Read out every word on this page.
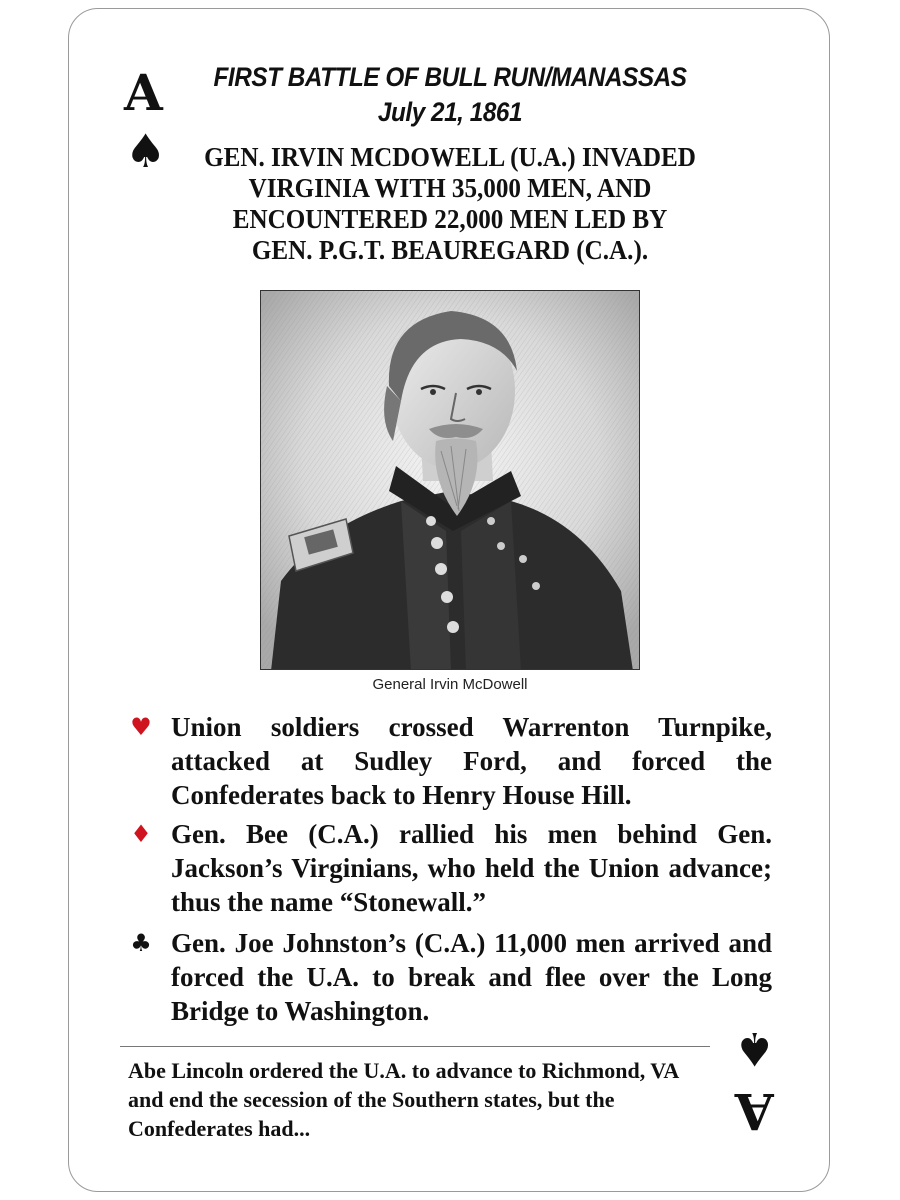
A
♠
FIRST BATTLE OF BULL RUN/MANASSAS
July 21, 1861
GEN. IRVIN MCDOWELL (U.A.) INVADED
VIRGINIA WITH 35,000 MEN, AND
ENCOUNTERED 22,000 MEN LED BY
GEN. P.G.T. BEAUREGARD (C.A.).
General Irvin McDowell
♥ Union soldiers crossed Warrenton Turnpike, attacked at Sudley Ford, and forced the Confederates back to Henry House Hill.
♦ Gen. Bee (C.A.) rallied his men behind Gen. Jackson’s Virginians, who held the Union advance; thus the name “Stonewall.”
♣ Gen. Joe Johnston’s (C.A.) 11,000 men arrived and forced the U.A. to break and flee over the Long Bridge to Washington.
Abe Lincoln ordered the U.A. to advance to Richmond, VA and end the secession of the Southern states, but the Confederates had...
♠
A
